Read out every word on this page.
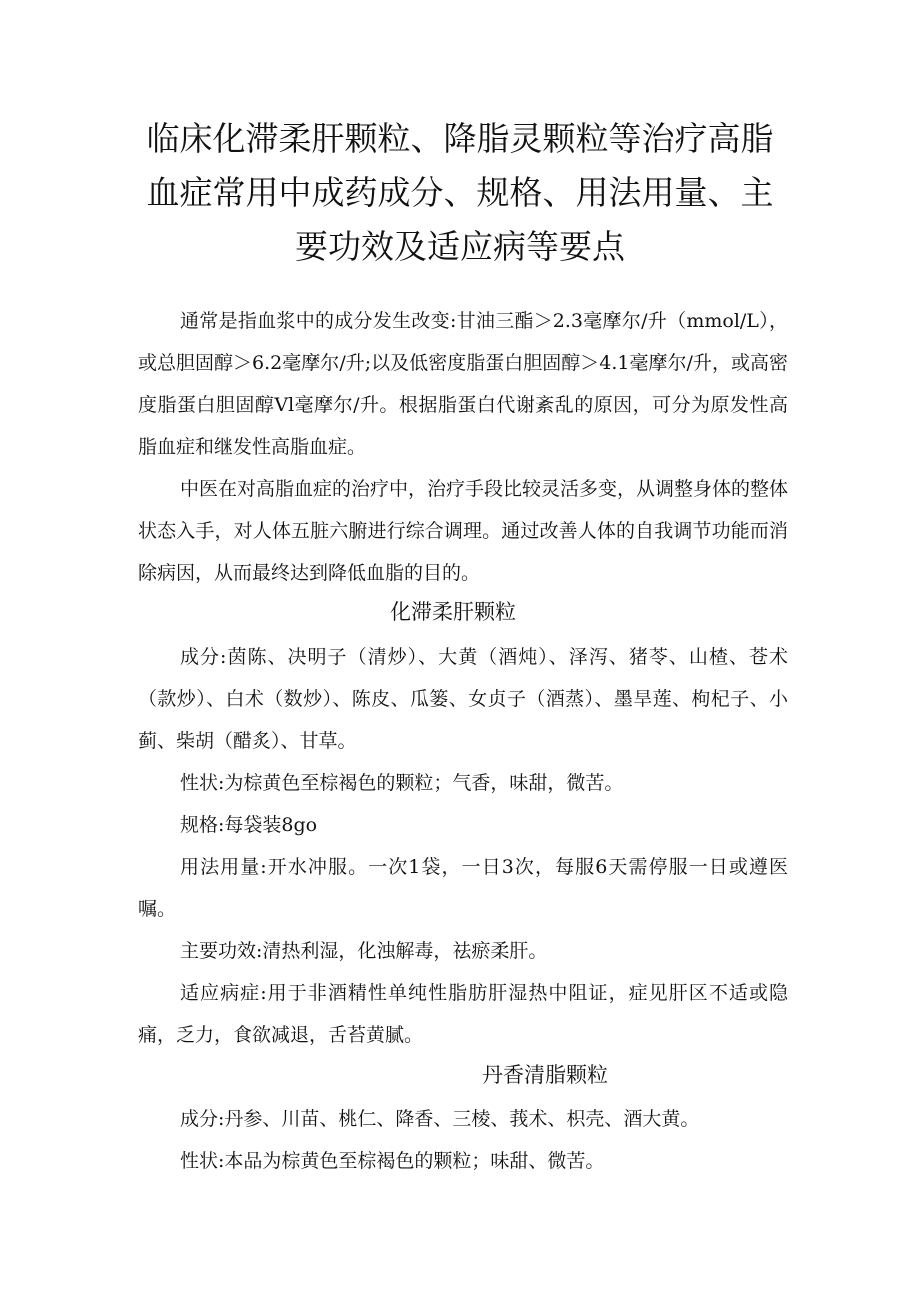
临床化滞柔肝颗粒、降脂灵颗粒等治疗高脂
血症常用中成药成分、规格、用法用量、主
要功效及适应病等要点

通常是指血浆中的成分发生改变:甘油三酯＞2.3毫摩尔/升（mmol/L），或总胆固醇＞6.2毫摩尔/升;以及低密度脂蛋白胆固醇＞4.1毫摩尔/升，或高密度脂蛋白胆固醇Vl毫摩尔/升。根据脂蛋白代谢紊乱的原因，可分为原发性高脂血症和继发性高脂血症。

中医在对高脂血症的治疗中，治疗手段比较灵活多变，从调整身体的整体状态入手，对人体五脏六腑进行综合调理。通过改善人体的自我调节功能而消除病因，从而最终达到降低血脂的目的。

化滞柔肝颗粒

成分:茵陈、决明子（清炒）、大黄（酒炖）、泽泻、猪苓、山楂、苍术（款炒）、白术（数炒）、陈皮、瓜篓、女贞子（酒蒸）、墨旱莲、枸杞子、小蓟、柴胡（醋炙）、甘草。

性状:为棕黄色至棕褐色的颗粒；气香，味甜，微苦。

规格:每袋装8go

用法用量:开水冲服。一次1袋，一日3次，每服6天需停服一日或遵医嘱。

主要功效:清热利湿，化浊解毒，祛瘀柔肝。

适应病症:用于非酒精性单纯性脂肪肝湿热中阻证，症见肝区不适或隐痛，乏力，食欲减退，舌苔黄腻。

丹香清脂颗粒

成分:丹参、川苗、桃仁、降香、三棱、莪术、枳壳、酒大黄。

性状:本品为棕黄色至棕褐色的颗粒；味甜、微苦。
